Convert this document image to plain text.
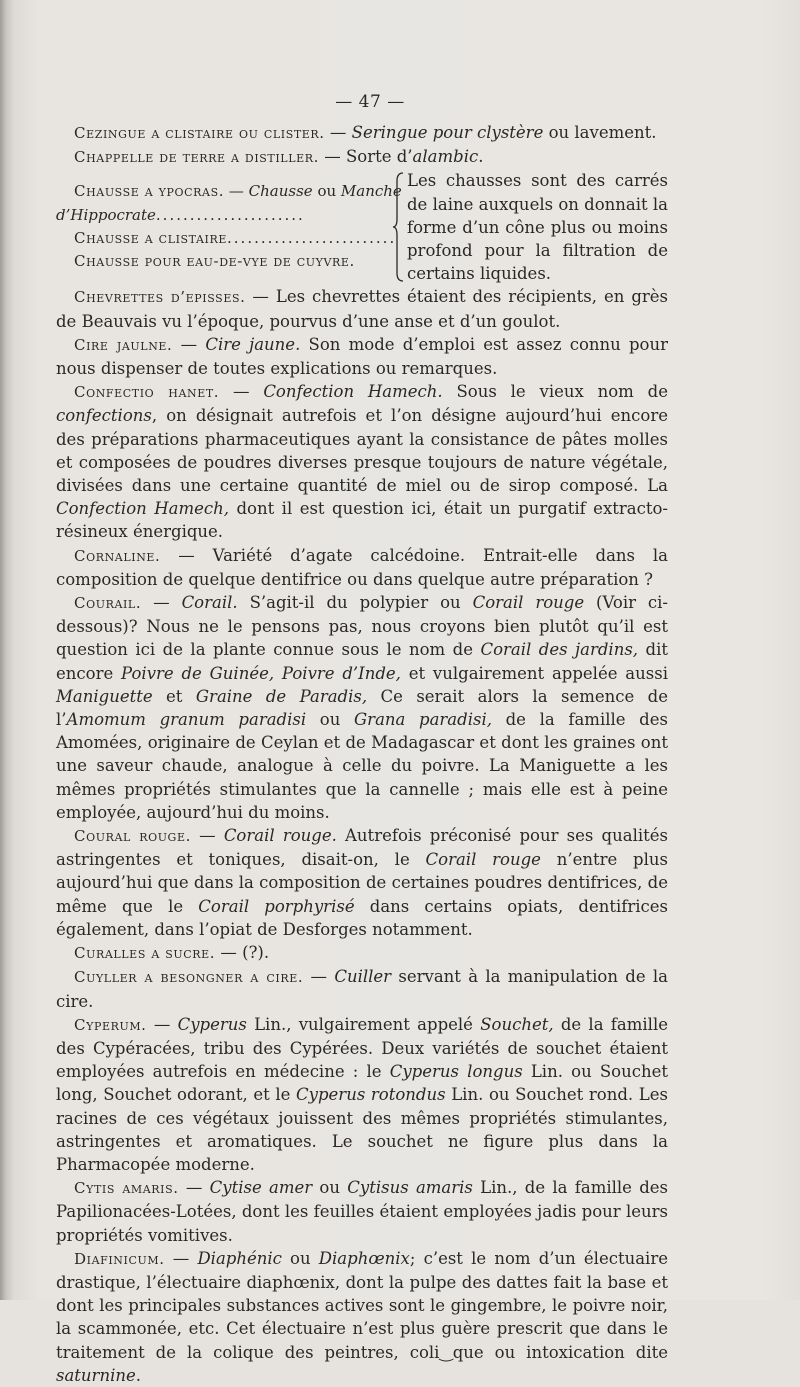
— 47 —

Cezingue a clistaire ou clister. — Seringue pour clystère ou lavement.

Chappelle de terre a distiller. — Sorte d’alambic.

Chausse a ypocras. — Chausse ou Manche
d’Hippocrate......................
Chausse a clistaire.........................
Chausse pour eau-de-vye de cuyvre.
Les chausses sont des carrés de laine auxquels on donnait la forme d’un cône plus ou moins profond pour la filtration de certains liquides.

Chevrettes d’episses. — Les chevrettes étaient des récipients, en grès de Beauvais vu l’époque, pourvus d’une anse et d’un goulot.

Cire jaulne. — Cire jaune. Son mode d’emploi est assez connu pour nous dispenser de toutes explications ou remarques.

Confectio hanet. — Confection Hamech. Sous le vieux nom de confections, on désignait autrefois et l’on désigne aujourd’hui encore des préparations pharmaceutiques ayant la consistance de pâtes molles et composées de poudres diverses presque toujours de nature végétale, divisées dans une certaine quantité de miel ou de sirop composé. La Confection Hamech, dont il est question ici, était un purgatif extracto-résineux énergique.

Cornaline. — Variété d’agate calcédoine. Entrait-elle dans la composition de quelque dentifrice ou dans quelque autre préparation ?

Courail. — Corail. S’agit-il du polypier ou Corail rouge (Voir ci-dessous)? Nous ne le pensons pas, nous croyons bien plutôt qu’il est question ici de la plante connue sous le nom de Corail des jardins, dit encore Poivre de Guinée, Poivre d’Inde, et vulgairement appelée aussi Maniguette et Graine de Paradis, Ce serait alors la semence de l’Amomum granum paradisi ou Grana paradisi, de la famille des Amomées, originaire de Ceylan et de Madagascar et dont les graines ont une saveur chaude, analogue à celle du poivre. La Maniguette a les mêmes propriétés stimulantes que la cannelle ; mais elle est à peine employée, aujourd’hui du moins.

Coural rouge. — Corail rouge. Autrefois préconisé pour ses qualités astringentes et toniques, disait-on, le Corail rouge n’entre plus aujourd’hui que dans la composition de certaines poudres dentifrices, de même que le Corail porphyrisé dans certains opiats, dentifrices également, dans l’opiat de Desforges notamment.

Curalles a sucre. — (?).

Cuyller a besongner a cire. — Cuiller servant à la manipulation de la cire.

Cyperum. — Cyperus Lin., vulgairement appelé Souchet, de la famille des Cypéracées, tribu des Cypérées. Deux variétés de souchet étaient employées autrefois en médecine : le Cyperus longus Lin. ou Souchet long, Souchet odorant, et le Cyperus rotondus Lin. ou Souchet rond. Les racines de ces végétaux jouissent des mêmes propriétés stimulantes, astringentes et aromatiques. Le souchet ne figure plus dans la Pharmacopée moderne.

Cytis amaris. — Cytise amer ou Cytisus amaris Lin., de la famille des Papilionacées-Lotées, dont les feuilles étaient employées jadis pour leurs propriétés vomitives.

Diafinicum. — Diaphénic ou Diaphœnix; c’est le nom d’un électuaire drastique, l’électuaire diaphœnix, dont la pulpe des dattes fait la base et dont les principales substances actives sont le gingembre, le poivre noir, la scammonée, etc. Cet électuaire n’est plus guère prescrit que dans le traitement de la colique des peintres, coli‿que ou intoxication dite saturnine.
